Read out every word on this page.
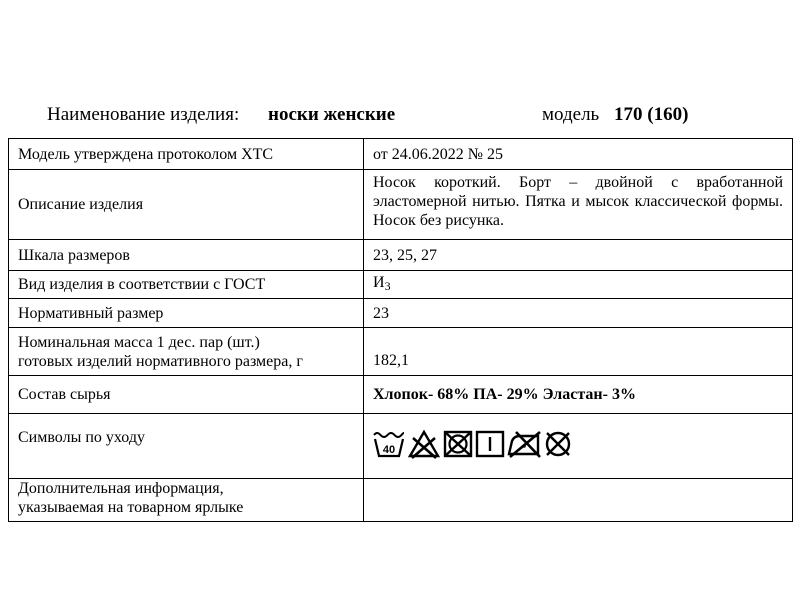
Наименование изделия: носки женские	модель 170 (160)
Модель утверждена протоколом ХТС	от 24.06.2022 № 25
Описание изделия	Носок короткий. Борт – двойной с вработанной эластомерной нитью. Пятка и мысок классической формы. Носок без рисунка.
Шкала размеров	23, 25, 27
Вид изделия в соответствии с ГОСТ	$И_3$
Нормативный размер	23

Номинальная масса 1 дес. пар (шт.)
готовых изделий нормативного размера, г	182,1
Состав сырья	Хлопок- 68% ПА- 29% Эластан- 3%
Символы по уходу	40

Дополнительная информация,
указываемая на товарном ярлыке	
